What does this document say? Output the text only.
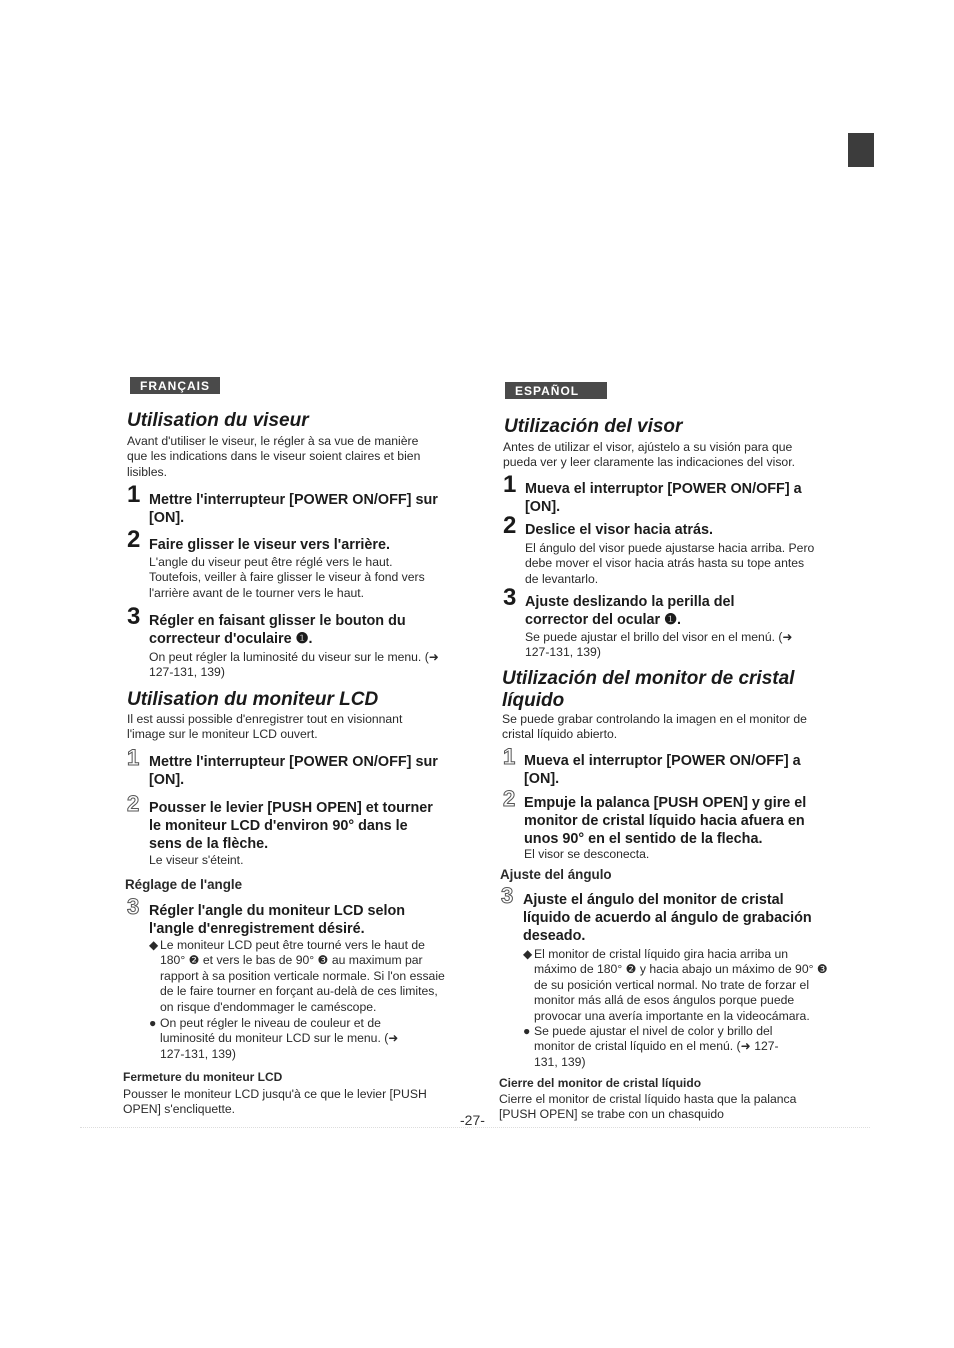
FRANÇAIS
Utilisation du viseur
Avant d'utiliser le viseur, le régler à sa vue de manière que les indications dans le viseur soient claires et bien lisibles.
1 Mettre l'interrupteur [POWER ON/OFF] sur [ON].
2 Faire glisser le viseur vers l'arrière.
L'angle du viseur peut être réglé vers le haut. Toutefois, veiller à faire glisser le viseur à fond vers l'arrière avant de le tourner vers le haut.
3 Régler en faisant glisser le bouton du correcteur d'oculaire ❶.
On peut régler la luminosité du viseur sur le menu. (➜ 127-131, 139)
Utilisation du moniteur LCD
Il est aussi possible d'enregistrer tout en visionnant l'image sur le moniteur LCD ouvert.
1 Mettre l'interrupteur [POWER ON/OFF] sur [ON].
2 Pousser le levier [PUSH OPEN] et tourner le moniteur LCD d'environ 90° dans le sens de la flèche.
Le viseur s'éteint.
Réglage de l'angle
3 Régler l'angle du moniteur LCD selon l'angle d'enregistrement désiré.
◆ Le moniteur LCD peut être tourné vers le haut de 180° ❷ et vers le bas de 90° ❸ au maximum par rapport à sa position verticale normale. Si l'on essaie de le faire tourner en forçant au-delà de ces limites, on risque d'endommager le caméscope.
● On peut régler le niveau de couleur et de luminosité du moniteur LCD sur le menu. (➜ 127-131, 139)
Fermeture du moniteur LCD
Pousser le moniteur LCD jusqu'à ce que le levier [PUSH OPEN] s'encliquette.
ESPAÑOL
Utilización del visor
Antes de utilizar el visor, ajústelo a su visión para que pueda ver y leer claramente las indicaciones del visor.
1 Mueva el interruptor [POWER ON/OFF] a [ON].
2 Deslice el visor hacia atrás.
El ángulo del visor puede ajustarse hacia arriba. Pero debe mover el visor hacia atrás hasta su tope antes de levantarlo.
3 Ajuste deslizando la perilla del corrector del ocular ❶.
Se puede ajustar el brillo del visor en el menú. (➜ 127-131, 139)
Utilización del monitor de cristal líquido
Se puede grabar controlando la imagen en el monitor de cristal líquido abierto.
1 Mueva el interruptor [POWER ON/OFF] a [ON].
2 Empuje la palanca [PUSH OPEN] y gire el monitor de cristal líquido hacia afuera en unos 90° en el sentido de la flecha.
El visor se desconecta.
Ajuste del ángulo
3 Ajuste el ángulo del monitor de cristal líquido de acuerdo al ángulo de grabación deseado.
◆ El monitor de cristal líquido gira hacia arriba un máximo de 180° ❷ y hacia abajo un máximo de 90° ❸ de su posición vertical normal. No trate de forzar el monitor más allá de esos ángulos porque puede provocar una avería importante en la videocámara.
● Se puede ajustar el nivel de color y brillo del monitor de cristal líquido en el menú. (➜ 127-131, 139)
Cierre del monitor de cristal líquido
Cierre el monitor de cristal líquido hasta que la palanca [PUSH OPEN] se trabe con un chasquido
-27-
